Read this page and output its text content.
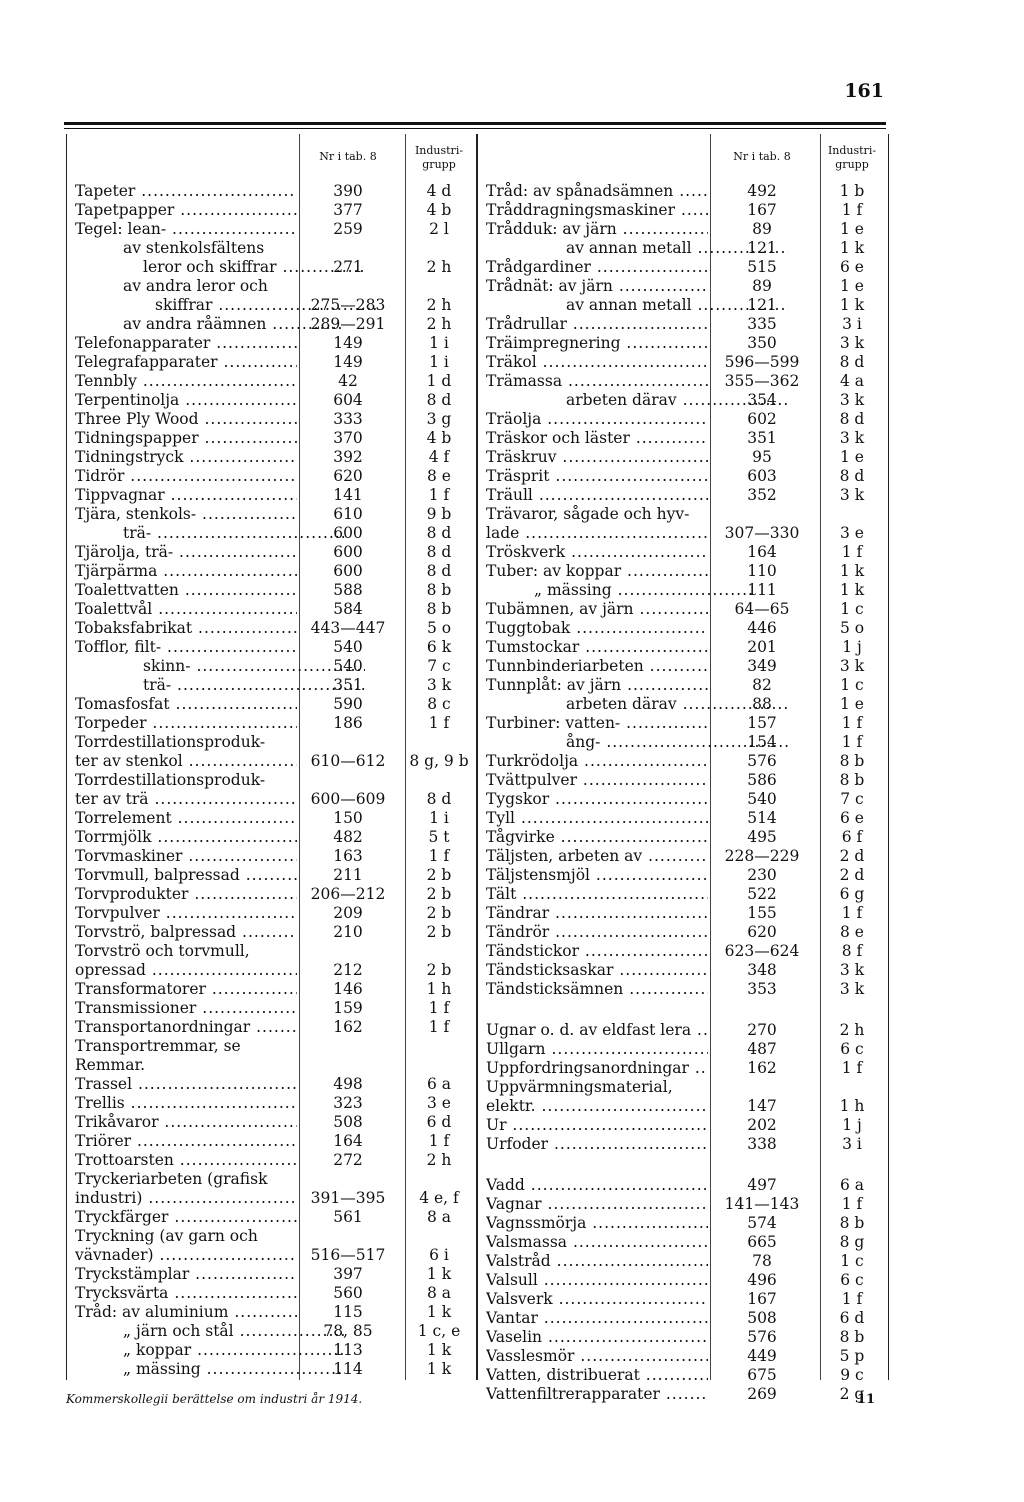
161
Nr i tab. 8	Industri-
grupp
Tapeter .....	390	4 d
Tapetpapper .....	377	4 b
Tegel: lean- .....	259	2 l
av stenkolsfältens
leror och skiffrar .....	271	2 h
av andra leror och
skiffrar .....	275—283	2 h
av andra råämnen .....	289—291	2 h
Telefonapparater .....	149	1 i
Telegrafapparater .....	149	1 i
Tennbly .....	42	1 d
Terpentinolja .....	604	8 d
Three Ply Wood .....	333	3 g
Tidningspapper .....	370	4 b
Tidningstryck .....	392	4 f
Tidrör .....	620	8 e
Tippvagnar .....	141	1 f
Tjära, stenkols- .....	610	9 b
trä- .....	600	8 d
Tjärolja, trä- .....	600	8 d
Tjärpärma .....	600	8 d
Toalettvatten .....	588	8 b
Toalettvål .....	584	8 b
Tobaksfabrikat .....	443—447	5 o
Tofflor, filt- .....	540	6 k
skinn- .....	540	7 c
trä- .....	351	3 k
Tomasfosfat .....	590	8 c
Torpeder .....	186	1 f
Torrdestillationsproduk-
ter av stenkol .....	610—612	8 g, 9 b
Torrdestillationsproduk-
ter av trä .....	600—609	8 d
Torrelement .....	150	1 i
Torrmjölk .....	482	5 t
Torvmaskiner .....	163	1 f
Torvmull, balpressad .....	211	2 b
Torvprodukter .....	206—212	2 b
Torvpulver .....	209	2 b
Torvströ, balpressad .....	210	2 b
Torvströ och torvmull,
opressad .....	212	2 b
Transformatorer .....	146	1 h
Transmissioner .....	159	1 f
Transportanordningar .....	162	1 f
Transportremmar, se
Remmar.
Trassel .....	498	6 a
Trellis .....	323	3 e
Trikåvaror .....	508	6 d
Triörer .....	164	1 f
Trottoarsten .....	272	2 h
Tryckeriarbeten (grafisk
industri) .....	391—395	4 e, f
Tryckfärger .....	561	8 a
Tryckning (av garn och
vävnader) .....	516—517	6 i
Tryckstämplar .....	397	1 k
Trycksvärta .....	560	8 a
Tråd: av aluminium .....	115	1 k
„ järn och stål .....	78, 85	1 c, e
„ koppar .....	113	1 k
„ mässing .....	114	1 k
Nr i tab. 8	Industri-
grupp
Tråd: av spånadsämnen .....	492	1 b
Tråddragningsmaskiner .....	167	1 f
Trådduk: av järn .....	89	1 e
av annan metall .....	121	1 k
Trådgardiner .....	515	6 e
Trådnät: av järn .....	89	1 e
av annan metall .....	121	1 k
Trådrullar .....	335	3 i
Träimpregnering .....	350	3 k
Träkol .....	596—599	8 d
Trämassa .....	355—362	4 a
arbeten därav .....	354	3 k
Träolja .....	602	8 d
Träskor och läster .....	351	3 k
Träskruv .....	95	1 e
Träsprit .....	603	8 d
Träull .....	352	3 k
Trävaror, sågade och hyv-
lade .....	307—330	3 e
Tröskverk .....	164	1 f
Tuber: av koppar .....	110	1 k
„ mässing .....	111	1 k
Tubämnen, av järn .....	64—65	1 c
Tuggtobak .....	446	5 o
Tumstockar .....	201	1 j
Tunnbinderiarbeten .....	349	3 k
Tunnplåt: av järn .....	82	1 c
arbeten därav .....	88	1 e
Turbiner: vatten- .....	157	1 f
ång- .....	154	1 f
Turkrödolja .....	576	8 b
Tvättpulver .....	586	8 b
Tygskor .....	540	7 c
Tyll .....	514	6 e
Tågvirke .....	495	6 f
Täljsten, arbeten av .....	228—229	2 d
Täljstensmjöl .....	230	2 d
Tält .....	522	6 g
Tändrar .....	155	1 f
Tändrör .....	620	8 e
Tändstickor .....	623—624	8 f
Tändsticksaskar .....	348	3 k
Tändsticksämnen .....	353	3 k
Ugnar o. d. av eldfast lera .....	270	2 h
Ullgarn .....	487	6 c
Uppfordringsanordningar .....	162	1 f
Uppvärmningsmaterial,
elektr. .....	147	1 h
Ur .....	202	1 j
Urfoder .....	338	3 i
Vadd .....	497	6 a
Vagnar .....	141—143	1 f
Vagnssmörja .....	574	8 b
Valsmassa .....	665	8 g
Valstråd .....	78	1 c
Valsull .....	496	6 c
Valsverk .....	167	1 f
Vantar .....	508	6 d
Vaselin .....	576	8 b
Vasslesmör .....	449	5 p
Vatten, distribuerat .....	675	9 c
Vattenfiltrerapparater .....	269	2 g
Kommerskollegii berättelse om industri år 1914.	11
